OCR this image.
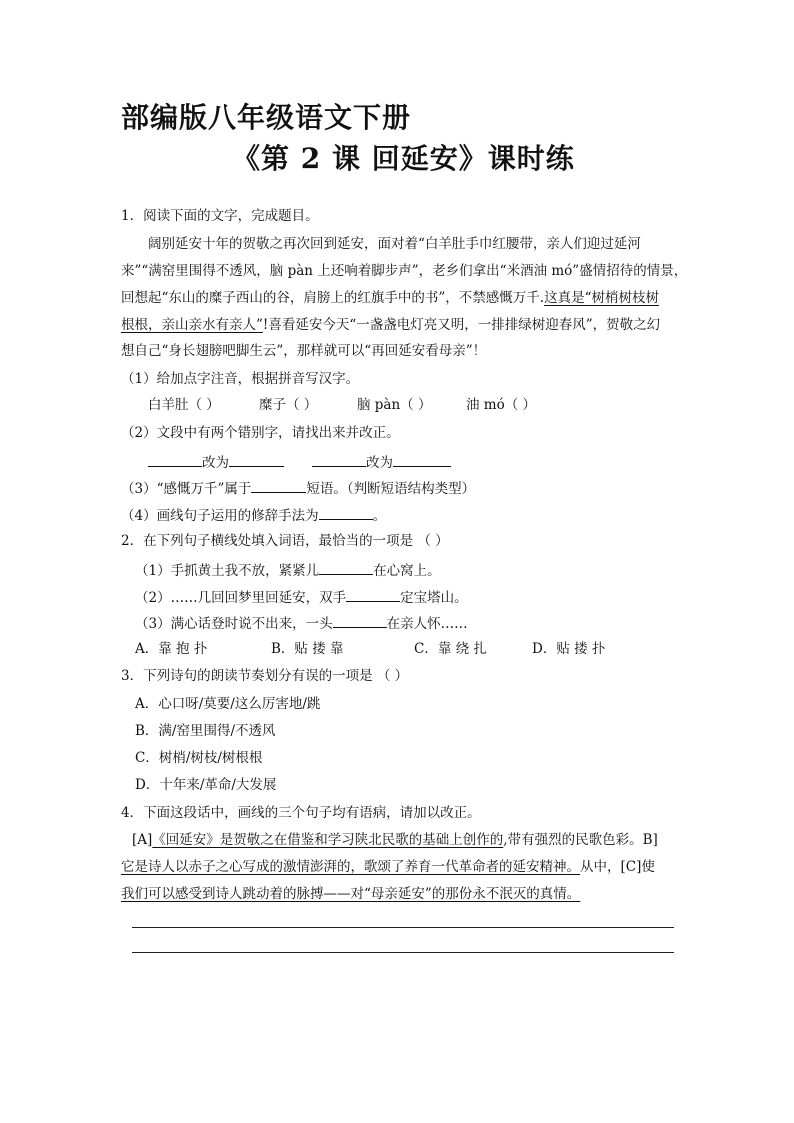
部编版八年级语文下册
《第 2 课 回延安》课时练
1．阅读下面的文字，完成题目。
阔别延安十年的贺敬之再次回到延安，面对着“白羊肚手巾红腰带，亲人们迎过延河
来”“满窑里围得不透风，脑 pàn 上还响着脚步声”，老乡们拿出“米酒油 mó”盛情招待的情景，
回想起“东山的糜子西山的谷，肩膀上的红旗手中的书”，不禁感慨万千.这真是“树梢树枝树
根根，亲山亲水有亲人”!喜看延安今天“一盏盏电灯亮又明，一排排绿树迎春风”，贺敬之幻
想自己“身长翅膀吧脚生云”，那样就可以“再回延安看母亲”！
（1）给加点字注音，根据拼音写汉字。
白羊肚（ ）	糜子（ ）	脑 pàn（ ）	油 mó（ ）
（2）文段中有两个错别字，请找出来并改正。
改为	改为
（3）“感慨万千”属于	短语。（判断短语结构类型）
（4）画线句子运用的修辞手法为	。
2．在下列句子横线处填入词语，最恰当的一项是 （ ）
（1）手抓黄土我不放，紧紧儿	在心窝上。
（2）……几回回梦里回延安，双手	定宝塔山。
（3）满心话登时说不出来，一头	在亲人怀……
A．靠 抱 扑	B．贴 搂 靠	C．靠 绕 扎	D．贴 搂 扑
3．下列诗句的朗读节奏划分有误的一项是 （ ）
A．心口呀/莫要/这么厉害地/跳
B．满/窑里围得/不透风
C．树梢/树枝/树根根
D．十年来/革命/大发展
4．下面这段话中，画线的三个句子均有语病，请加以改正。
[A]《回延安》是贺敬之在借鉴和学习陕北民歌的基础上创作的,带有强烈的民歌色彩。B]
它是诗人以赤子之心写成的激情澎湃的，歌颂了养育一代革命者的延安精神。从中，[C]使
我们可以感受到诗人跳动着的脉搏——对“母亲延安”的那份永不泯灭的真情。
